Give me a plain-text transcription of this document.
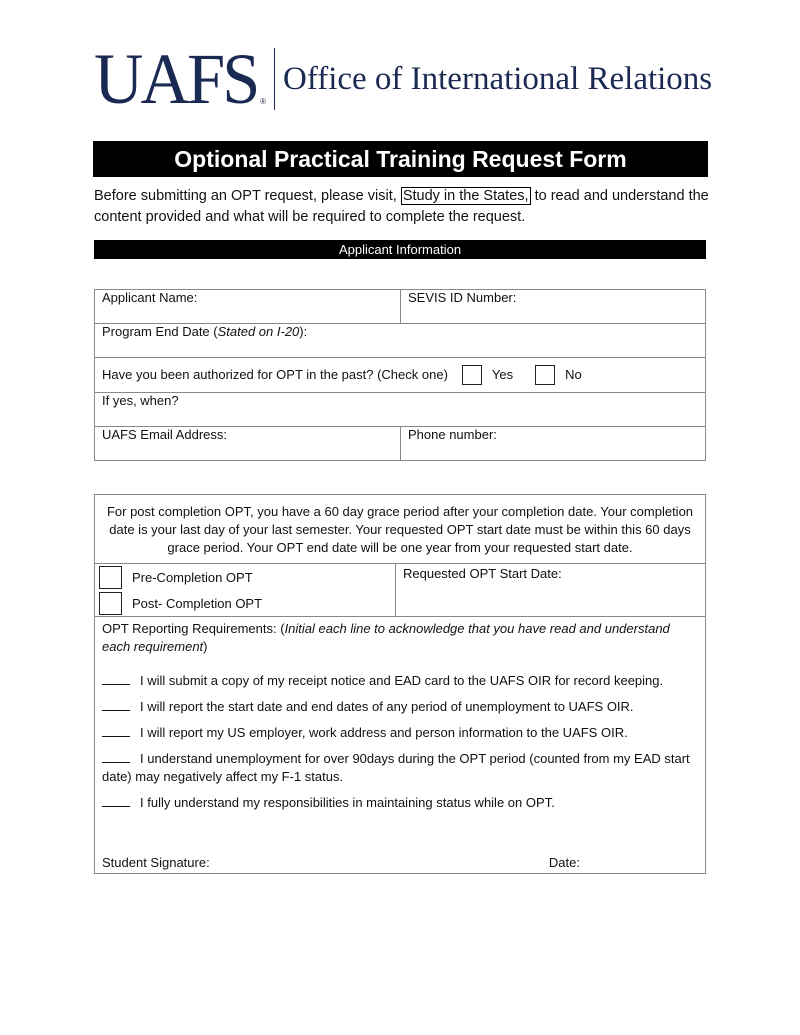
UAFS ®
Office of International Relations
Optional Practical Training Request Form
Before submitting an OPT request, please visit, Study in the States, to read and understand the content provided and what will be required to complete the request.
Applicant Information
Applicant Name:	SEVIS ID Number:
Program End Date (Stated on I-20):	

Have you been authorized for OPT in the past? (Check one) Yes No	

If yes, when?	
UAFS Email Address:	Phone number:
For post completion OPT, you have a 60 day grace period after your completion date. Your completion date is your last day of your last semester. Your requested OPT start date must be within this 60 days grace period. Your OPT end date will be one year from your requested start date.

Pre-Completion OPT
Post- Completion OPT
	Requested OPT Start Date:

OPT Reporting Requirements: (Initial each line to acknowledge that you have read and understand each requirement)
I will submit a copy of my receipt notice and EAD card to the UAFS OIR for record keeping.
I will report the start date and end dates of any period of unemployment to UAFS OIR.
I will report my US employer, work address and person information to the UAFS OIR.
I understand unemployment for over 90days during the OPT period (counted from my EAD start date) may negatively affect my F-1 status.
I fully understand my responsibilities in maintaining status while on OPT.
Student Signature:	Date:
